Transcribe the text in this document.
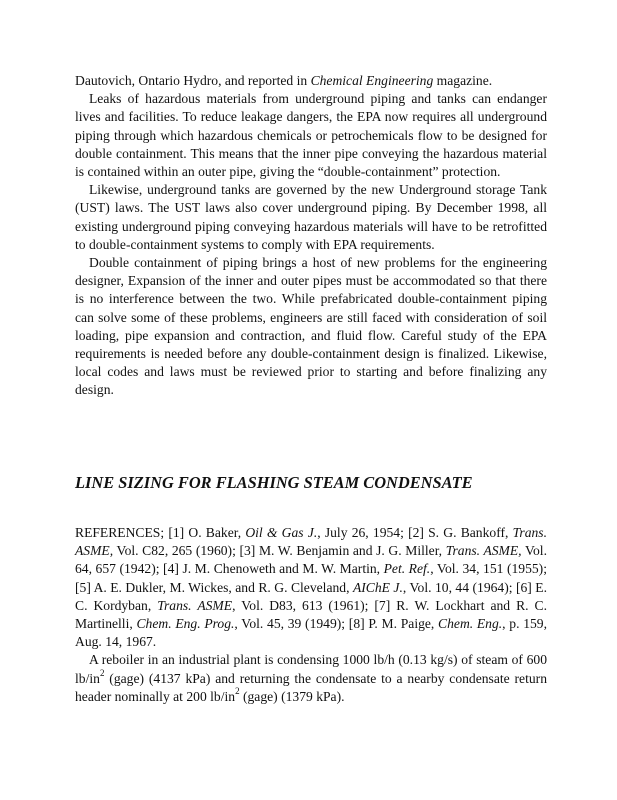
Dautovich, Ontario Hydro, and reported in Chemical Engineering magazine.

Leaks of hazardous materials from underground piping and tanks can endanger lives and facilities. To reduce leakage dangers, the EPA now requires all underground piping through which hazardous chemicals or petrochemicals flow to be designed for double containment. This means that the inner pipe conveying the hazardous material is contained within an outer pipe, giving the “double-containment” protection.

Likewise, underground tanks are governed by the new Underground storage Tank (UST) laws. The UST laws also cover underground piping. By December 1998, all existing underground piping conveying hazardous materials will have to be retrofitted to double-containment systems to comply with EPA requirements.

Double containment of piping brings a host of new problems for the engineering designer, Expansion of the inner and outer pipes must be accommodated so that there is no interference between the two. While prefabricated double-containment piping can solve some of these problems, engineers are still faced with consideration of soil loading, pipe expansion and contraction, and fluid flow. Careful study of the EPA requirements is needed before any double-containment design is finalized. Likewise, local codes and laws must be reviewed prior to starting and before finalizing any design.

LINE SIZING FOR FLASHING STEAM CONDENSATE

REFERENCES; [1] O. Baker, Oil & Gas J., July 26, 1954; [2] S. G. Bankoff, Trans. ASME, Vol. C82, 265 (1960); [3] M. W. Benjamin and J. G. Miller, Trans. ASME, Vol. 64, 657 (1942); [4] J. M. Chenoweth and M. W. Martin, Pet. Ref., Vol. 34, 151 (1955); [5] A. E. Dukler, M. Wickes, and R. G. Cleveland, AIChE J., Vol. 10, 44 (1964); [6] E. C. Kordyban, Trans. ASME, Vol. D83, 613 (1961); [7] R. W. Lockhart and R. C. Martinelli, Chem. Eng. Prog., Vol. 45, 39 (1949); [8] P. M. Paige, Chem. Eng., p. 159, Aug. 14, 1967.

A reboiler in an industrial plant is condensing 1000 lb/h (0.13 kg/s) of steam of 600 $lb/in^2$ (gage) (4137 kPa) and returning the condensate to a nearby condensate return header nominally at 200 $lb/in^2$ (gage) (1379 kPa).
